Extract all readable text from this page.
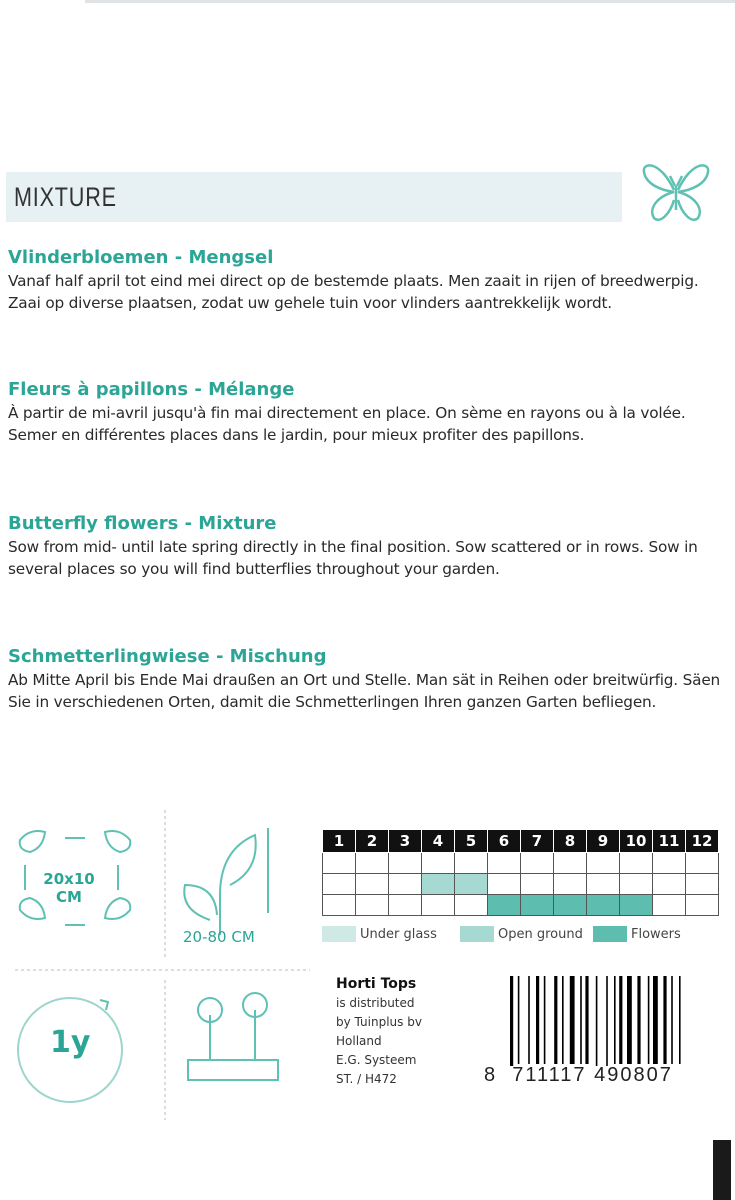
MIXTURE
Vlinderbloemen - Mengsel

Vanaf half april tot eind mei direct op de bestemde plaats. Men zaait in rijen of breedwerpig. Zaai op diverse plaatsen, zodat uw gehele tuin voor vlinders aantrekkelijk wordt.

Fleurs à papillons - Mélange

À partir de mi-avril jusqu'à fin mai directement en place. On sème en rayons ou à la volée. Semer en différentes places dans le jardin, pour mieux profiter des papillons.

Butterfly flowers - Mixture

Sow from mid- until late spring directly in the final position. Sow scattered or in rows. Sow in several places so you will find butterflies throughout your garden.

Schmetterlingwiese - Mischung

Ab Mitte April bis Ende Mai draußen an Ort und Stelle. Man sät in Reihen oder breitwürfig. Säen Sie in verschiedenen Orten, damit die Schmetterlingen Ihren ganzen Garten befliegen.

20x10
CM
20-80 CM
1y
1	2	3	4	5	6	7	8	9	10	11	12

Under glass	Open ground	Flowers
Horti Tops
is distributed
by Tuinplus bv
Holland
E.G. Systeem
ST. / H472	8 711117 490807
